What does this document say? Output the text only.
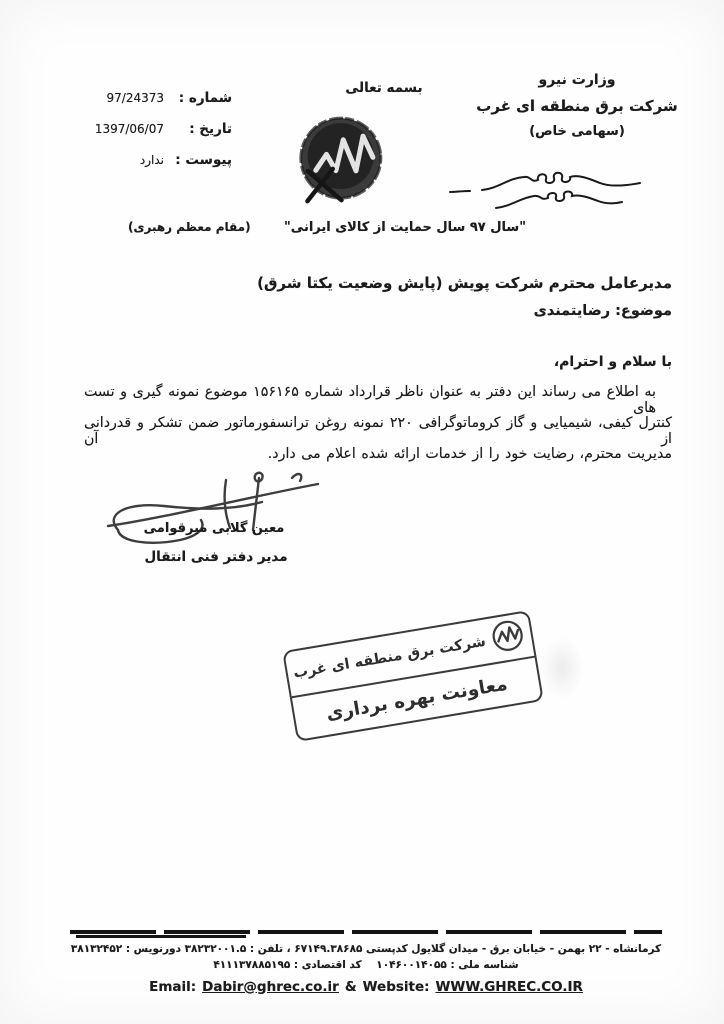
شماره :
97/24373
تاریخ :
1397/06/07
پیوست :
ندارد
بسمه تعالی	وزارت نیرو
شرکت برق منطقه ای غرب
(سهامی خاص)
"سال ۹۷ سال حمایت از کالای ایرانی"
(مقام معظم رهبری)
مدیرعامل محترم شرکت پویش (پایش وضعیت یکتا شرق)
موضوع: رضایتمندی
با سلام و احترام،
به اطلاع می رساند این دفتر به عنوان ناظر قرارداد شماره ۱۵۶۱۶۵ موضوع نمونه گیری و تست های
کنترل کیفی، شیمیایی و گاز کروماتوگرافی ۲۲۰ نمونه روغن ترانسفورماتور ضمن تشکر و قدردانی از آن
مدیریت محترم، رضایت خود را از خدمات ارائه شده اعلام می دارد.
معین گلابی میرقوامی
مدیر دفتر فنی انتقال
شرکت برق منطقه ای غرب
معاونت بهره برداری
کرمانشاه - ۲۲ بهمن - خیابان برق - میدان گلایول کدپستی ۶۷۱۴۹.۳۸۶۸۵ ، تلفن : ۳۸۲۳۲۰۰۱.۵ دورنویس : ۳۸۱۳۲۴۵۲
شناسه ملی : ۱۰۴۶۰۰۱۴۰۵۵    کد اقتصادی : ۴۱۱۱۳۷۸۸۵۱۹۵
Email: Dabir@ghrec.co.ir & Website: WWW.GHREC.CO.IR
